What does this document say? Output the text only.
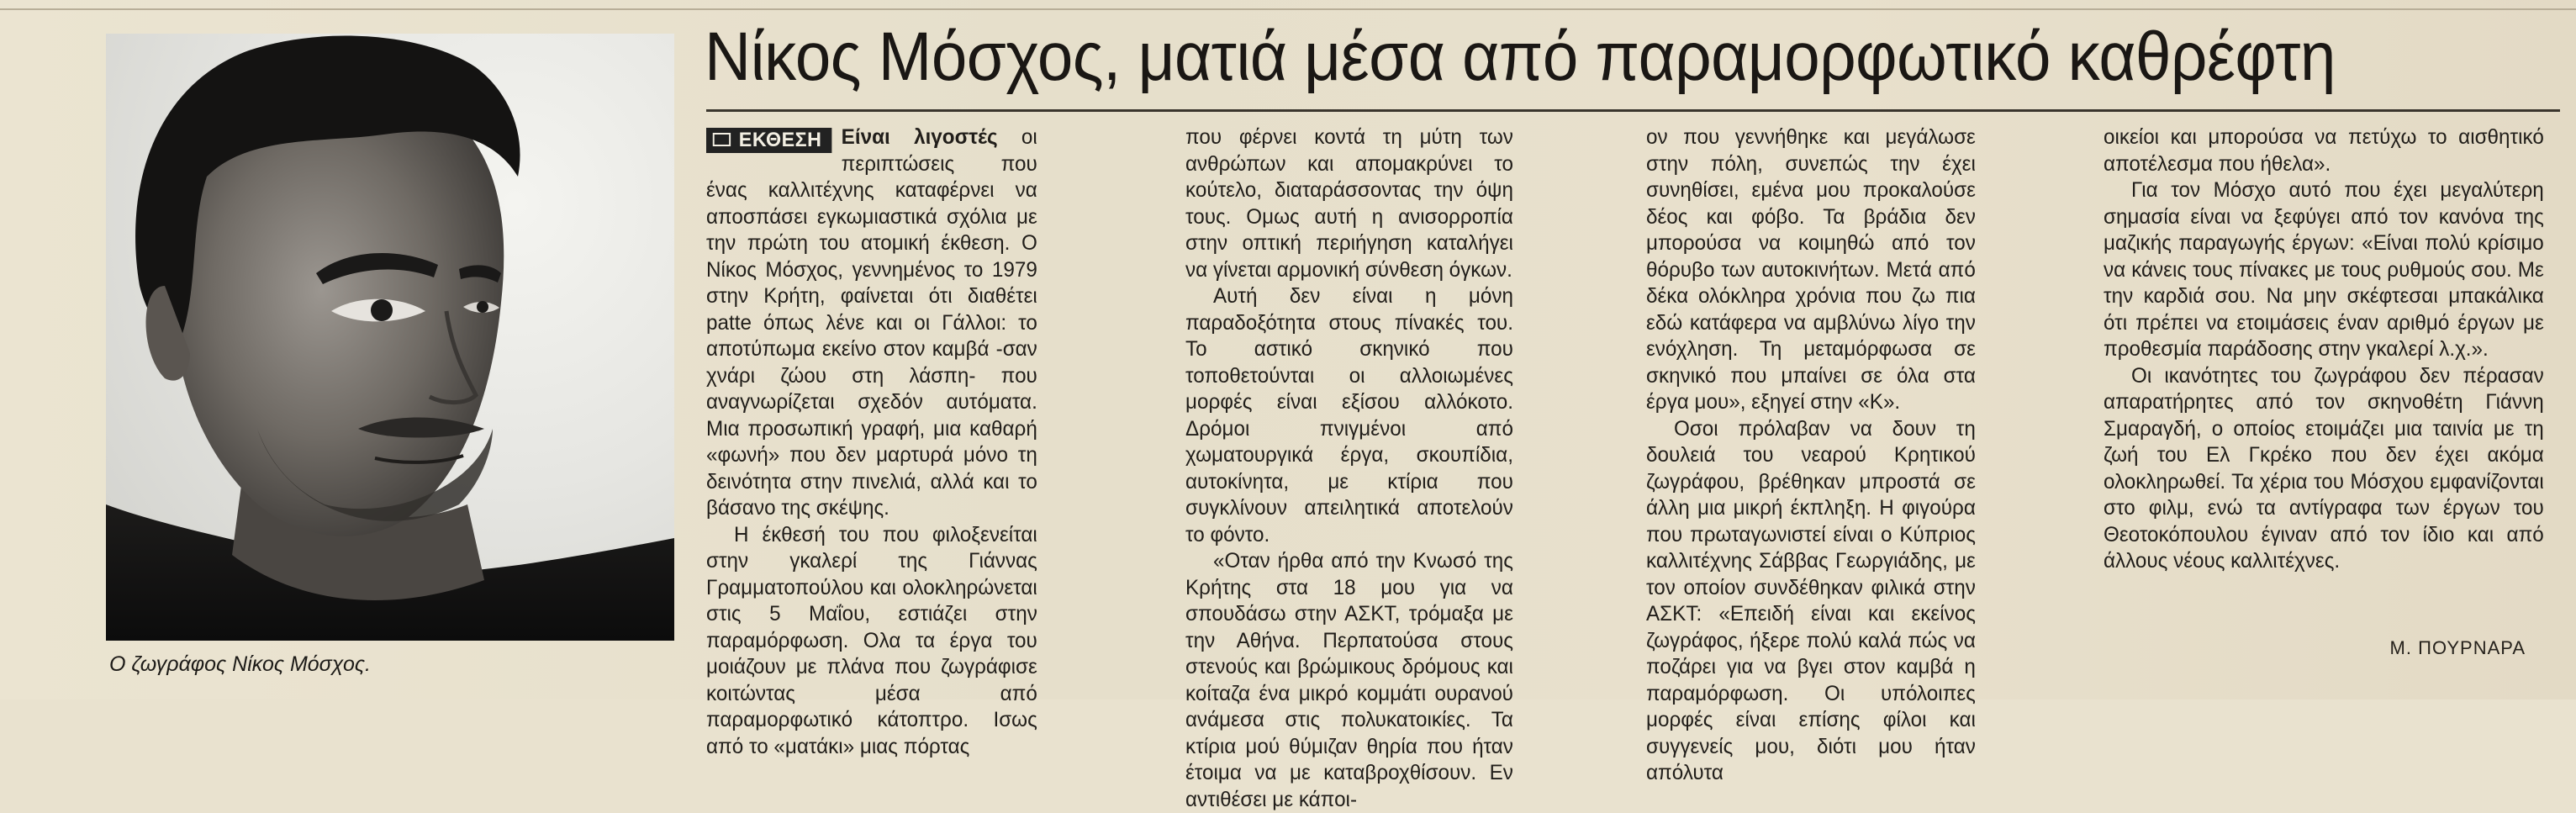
Ο ζωγράφος Νίκος Μόσχος.
Νίκος Μόσχος, ματιά μέσα από παραμορφωτικό καθρέφτη

ΕΚΘΕΣΗ Είναι λιγοστές οι περιπτώσεις που ένας καλλιτέχνης καταφέρνει να αποσπάσει εγκωμιαστικά σχόλια με την πρώτη του ατομική έκθεση. Ο Νίκος Μόσχος, γεννημένος το 1979 στην Κρήτη, φαίνεται ότι διαθέτει patte όπως λένε και οι Γάλλοι: το αποτύπωμα εκείνο στον καμβά -σαν χνάρι ζώου στη λάσπη- που αναγνωρίζεται σχεδόν αυτόματα. Μια προσωπική γραφή, μια καθαρή «φωνή» που δεν μαρτυρά μόνο τη δεινότητα στην πινελιά, αλλά και το βάσανο της σκέψης.

Η έκθεσή του που φιλοξενείται στην γκαλερί της Γιάννας Γραμματοπούλου και ολοκληρώνεται στις 5 Μαΐου, εστιάζει στην παραμόρφωση. Ολα τα έργα του μοιάζουν με πλάνα που ζωγράφισε κοιτώντας μέσα από παραμορφωτικό κάτοπτρο. Ισως από το «ματάκι» μιας πόρτας

που φέρνει κοντά τη μύτη των ανθρώπων και απομακρύνει το κούτελο, διαταράσσοντας την όψη τους. Ομως αυτή η ανισορροπία στην οπτική περιήγηση καταλήγει να γίνεται αρμονική σύνθεση όγκων.

Αυτή δεν είναι η μόνη παραδοξότητα στους πίνακές του. Το αστικό σκηνικό που τοποθετούνται οι αλλοιωμένες μορφές είναι εξίσου αλλόκοτο. Δρόμοι πνιγμένοι από χωματουργικά έργα, σκουπίδια, αυτοκίνητα, με κτίρια που συγκλίνουν απειλητικά αποτελούν το φόντο.

«Οταν ήρθα από την Κνωσό της Κρήτης στα 18 μου για να σπουδάσω στην ΑΣΚΤ, τρόμαξα με την Αθήνα. Περπατούσα στους στενούς και βρώμικους δρόμους και κοίταζα ένα μικρό κομμάτι ουρανού ανάμεσα στις πολυκατοικίες. Τα κτίρια μού θύμιζαν θηρία που ήταν έτοιμα να με καταβροχθίσουν. Εν αντιθέσει με κάποι-

ον που γεννήθηκε και μεγάλωσε στην πόλη, συνεπώς την έχει συνηθίσει, εμένα μου προκαλούσε δέος και φόβο. Τα βράδια δεν μπορούσα να κοιμηθώ από τον θόρυβο των αυτοκινήτων. Μετά από δέκα ολόκληρα χρόνια που ζω πια εδώ κατάφερα να αμβλύνω λίγο την ενόχληση. Τη μεταμόρφωσα σε σκηνικό που μπαίνει σε όλα στα έργα μου», εξηγεί στην «Κ».

Οσοι πρόλαβαν να δουν τη δουλειά του νεαρού Κρητικού ζωγράφου, βρέθηκαν μπροστά σε άλλη μια μικρή έκπληξη. Η φιγούρα που πρωταγωνιστεί είναι ο Κύπριος καλλιτέχνης Σάββας Γεωργιάδης, με τον οποίον συνδέθηκαν φιλικά στην ΑΣΚΤ: «Επειδή είναι και εκείνος ζωγράφος, ήξερε πολύ καλά πώς να ποζάρει για να βγει στον καμβά η παραμόρφωση. Οι υπόλοιπες μορφές είναι επίσης φίλοι και συγγενείς μου, διότι μου ήταν απόλυτα

οικείοι και μπορούσα να πετύχω το αισθητικό αποτέλεσμα που ήθελα».

Για τον Μόσχο αυτό που έχει μεγαλύτερη σημασία είναι να ξεφύγει από τον κανόνα της μαζικής παραγωγής έργων: «Είναι πολύ κρίσιμο να κάνεις τους πίνακες με τους ρυθμούς σου. Με την καρδιά σου. Να μην σκέφτεσαι μπακάλικα ότι πρέπει να ετοιμάσεις έναν αριθμό έργων με προθεσμία παράδοσης στην γκαλερί λ.χ.».

Οι ικανότητες του ζωγράφου δεν πέρασαν απαρατήρητες από τον σκηνοθέτη Γιάννη Σμαραγδή, ο οποίος ετοιμάζει μια ταινία με τη ζωή του Ελ Γκρέκο που δεν έχει ακόμα ολοκληρωθεί. Τα χέρια του Μόσχου εμφανίζονται στο φιλμ, ενώ τα αντίγραφα των έργων του Θεοτοκόπουλου έγιναν από τον ίδιο και από άλλους νέους καλλιτέχνες.

Μ. ΠΟΥΡΝΑΡΑ
